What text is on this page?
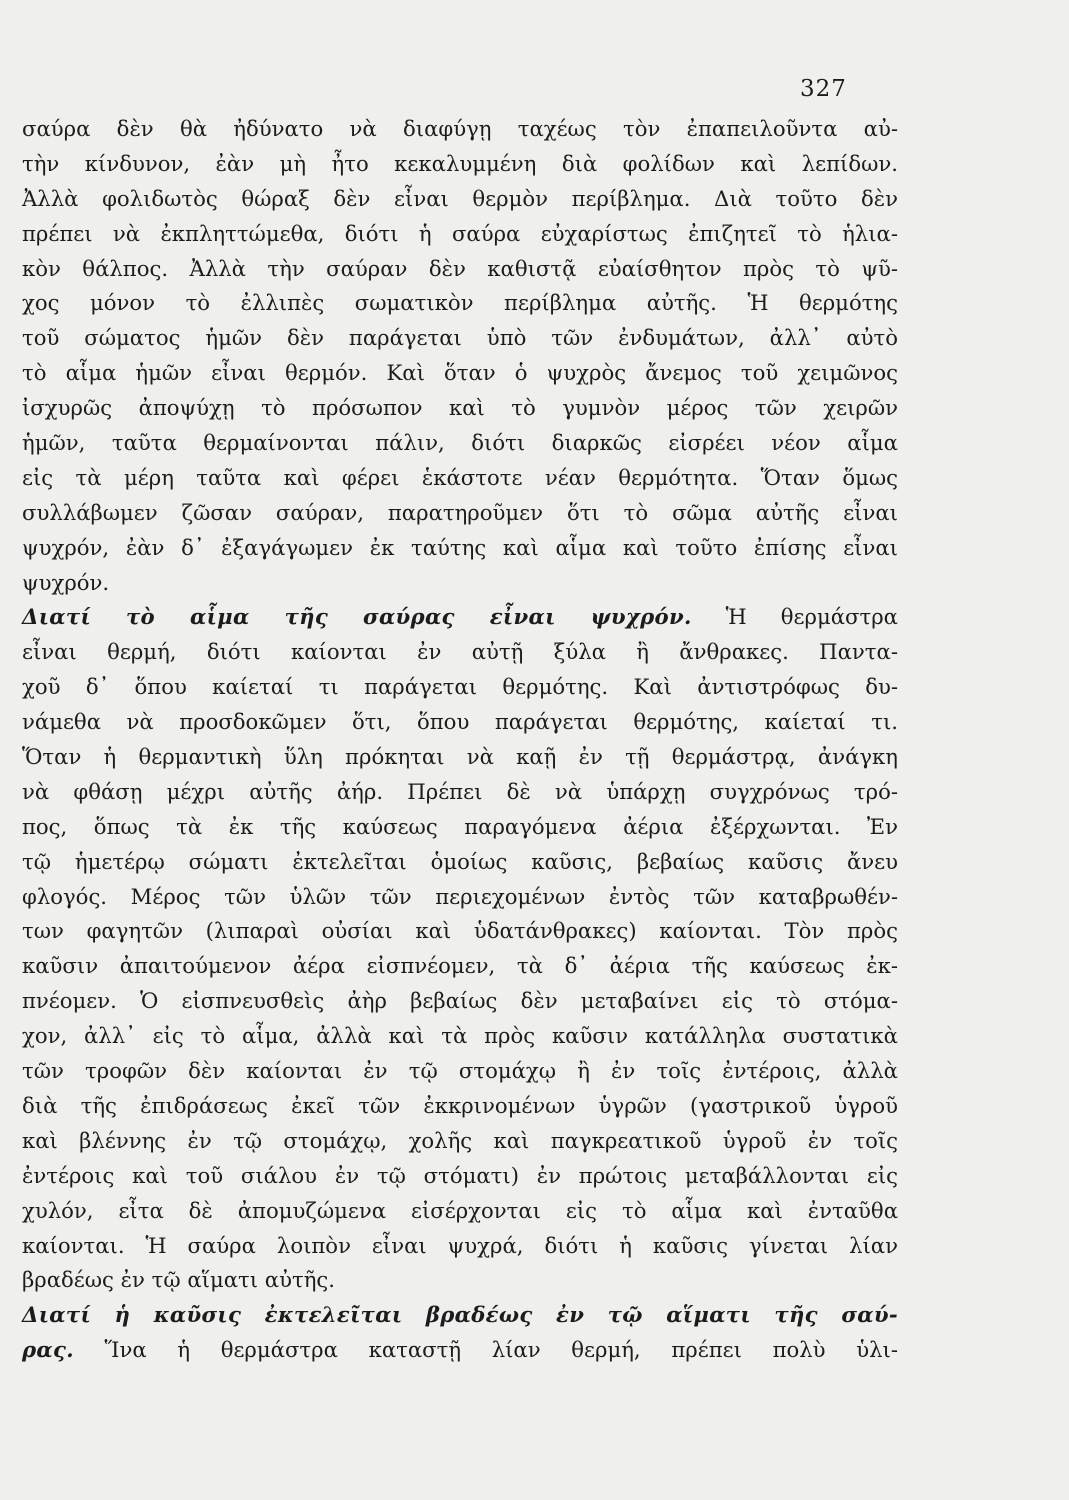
327
σαύρα δὲν θὰ ἠδύνατο νὰ διαφύγῃ ταχέως τὸν ἐπαπειλοῦντα αὐ-
τὴν κίνδυνον, ἐὰν μὴ ἦτο κεκαλυμμένη διὰ φολίδων καὶ λεπίδων.
Ἀλλὰ φολιδωτὸς θώραξ δὲν εἶναι θερμὸν περίβλημα. Διὰ τοῦτο δὲν
πρέπει νὰ ἐκπληττώμεθα, διότι ἡ σαύρα εὐχαρίστως ἐπιζητεῖ τὸ ἡλια-
κὸν θάλπος. Ἀλλὰ τὴν σαύραν δὲν καθιστᾷ εὐαίσθητον πρὸς τὸ ψῦ-
χος μόνον τὸ ἐλλιπὲς σωματικὸν περίβλημα αὐτῆς. Ἡ θερμότης
τοῦ σώματος ἡμῶν δὲν παράγεται ὑπὸ τῶν ἐνδυμάτων, ἀλλ᾽ αὐτὸ
τὸ αἷμα ἡμῶν εἶναι θερμόν. Καὶ ὅταν ὁ ψυχρὸς ἄνεμος τοῦ χειμῶνος
ἰσχυρῶς ἀποψύχῃ τὸ πρόσωπον καὶ τὸ γυμνὸν μέρος τῶν χειρῶν
ἡμῶν, ταῦτα θερμαίνονται πάλιν, διότι διαρκῶς εἰσρέει νέον αἷμα
εἰς τὰ μέρη ταῦτα καὶ φέρει ἑκάστοτε νέαν θερμότητα. Ὅταν ὅμως
συλλάβωμεν ζῶσαν σαύραν, παρατηροῦμεν ὅτι τὸ σῶμα αὐτῆς εἶναι
ψυχρόν, ἐὰν δ᾽ ἐξαγάγωμεν ἐκ ταύτης καὶ αἷμα καὶ τοῦτο ἐπίσης εἶναι
ψυχρόν.
Διατί τὸ αἷμα τῆς σαύρας εἶναι ψυχρόν. Ἡ θερμάστρα
εἶναι θερμή, διότι καίονται ἐν αὐτῇ ξύλα ἢ ἄνθρακες. Παντα-
χοῦ δ᾽ ὅπου καίεταί τι παράγεται θερμότης. Καὶ ἀντιστρόφως δυ-
νάμεθα νὰ προσδοκῶμεν ὅτι, ὅπου παράγεται θερμότης, καίεταί τι.
Ὅταν ἡ θερμαντικὴ ὕλη πρόκηται νὰ καῇ ἐν τῇ θερμάστρᾳ, ἀνάγκη
νὰ φθάσῃ μέχρι αὐτῆς ἀήρ. Πρέπει δὲ νὰ ὑπάρχῃ συγχρόνως τρό-
πος, ὅπως τὰ ἐκ τῆς καύσεως παραγόμενα ἀέρια ἐξέρχωνται. Ἐν
τῷ ἡμετέρῳ σώματι ἐκτελεῖται ὁμοίως καῦσις, βεβαίως καῦσις ἄνευ
φλογός. Μέρος τῶν ὑλῶν τῶν περιεχομένων ἐντὸς τῶν καταβρωθέν-
των φαγητῶν (λιπαραὶ οὐσίαι καὶ ὑδατάνθρακες) καίονται. Τὸν πρὸς
καῦσιν ἀπαιτούμενον ἀέρα εἰσπνέομεν, τὰ δ᾽ ἀέρια τῆς καύσεως ἐκ-
πνέομεν. Ὁ εἰσπνευσθεὶς ἀὴρ βεβαίως δὲν μεταβαίνει εἰς τὸ στόμα-
χον, ἀλλ᾽ εἰς τὸ αἷμα, ἀλλὰ καὶ τὰ πρὸς καῦσιν κατάλληλα συστατικὰ
τῶν τροφῶν δὲν καίονται ἐν τῷ στομάχῳ ἢ ἐν τοῖς ἐντέροις, ἀλλὰ
διὰ τῆς ἐπιδράσεως ἐκεῖ τῶν ἐκκρινομένων ὑγρῶν (γαστρικοῦ ὑγροῦ
καὶ βλέννης ἐν τῷ στομάχῳ, χολῆς καὶ παγκρεατικοῦ ὑγροῦ ἐν τοῖς
ἐντέροις καὶ τοῦ σιάλου ἐν τῷ στόματι) ἐν πρώτοις μεταβάλλονται εἰς
χυλόν, εἶτα δὲ ἀπομυζώμενα εἰσέρχονται εἰς τὸ αἷμα καὶ ἐνταῦθα
καίονται. Ἡ σαύρα λοιπὸν εἶναι ψυχρά, διότι ἡ καῦσις γίνεται λίαν
βραδέως ἐν τῷ αἵματι αὐτῆς.
Διατί ἡ καῦσις ἐκτελεῖται βραδέως ἐν τῷ αἵματι τῆς σαύ-
ρας. Ἵνα ἡ θερμάστρα καταστῇ λίαν θερμή, πρέπει πολὺ ὑλι-
